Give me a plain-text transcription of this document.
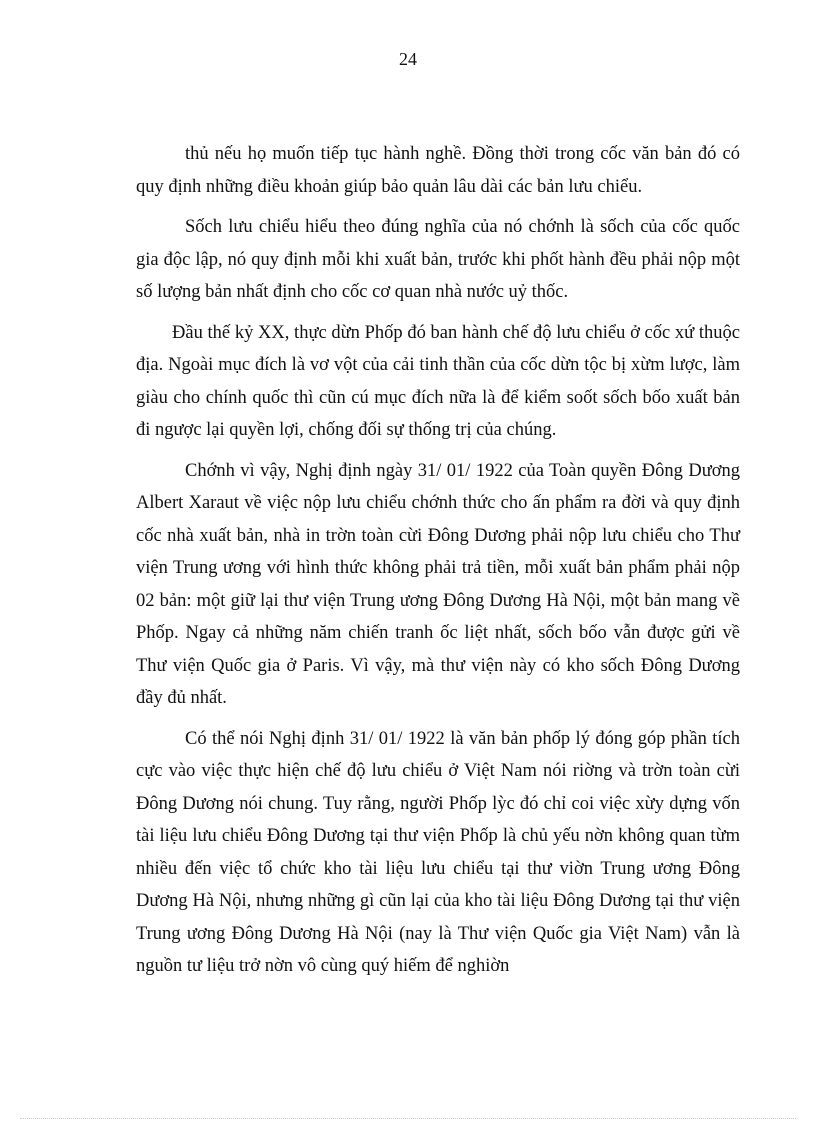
24

thủ nếu họ muốn tiếp tục hành nghề. Đồng thời trong cốc văn bản đó có quy định những điều khoản giúp bảo quản lâu dài các bản lưu chiểu.

Sốch lưu chiểu hiểu theo đúng nghĩa của nó chớnh là sốch của cốc quốc gia độc lập, nó quy định mỗi khi xuất bản, trước khi phốt hành đều phải nộp một số lượng bản nhất định cho cốc cơ quan nhà nước uỷ thốc.

Đầu thế kỷ XX, thực dừn Phốp đó ban hành chế độ lưu chiểu ở cốc xứ thuộc địa. Ngoài mục đích là vơ vột của cải tinh thần của cốc dừn tộc bị xừm lược, làm giàu cho chính quốc thì cũn cú mục đích nữa là để kiểm soốt sốch bốo xuất bản đi ngược lại quyền lợi, chống đối sự thống trị của chúng.

Chớnh vì vậy, Nghị định ngày 31/ 01/ 1922 của Toàn quyền Đông Dương Albert Xaraut về việc nộp lưu chiểu chớnh thức cho ấn phẩm ra đời và quy định cốc nhà xuất bản, nhà in trờn toàn cừi Đông Dương phải nộp lưu chiểu cho Thư viện Trung ương với hình thức không phải trả tiền, mỗi xuất bản phẩm phải nộp 02 bản: một giữ lại thư viện Trung ương Đông Dương Hà Nội, một bản mang về Phốp. Ngay cả những năm chiến tranh ốc liệt nhất, sốch bốo vẫn được gửi về Thư viện Quốc gia ở Paris. Vì vậy, mà thư viện này có kho sốch Đông Dương đầy đủ nhất.

Có thể nói Nghị định 31/ 01/ 1922 là văn bản phốp lý đóng góp phần tích cực vào việc thực hiện chế độ lưu chiểu ở Việt Nam nói riờng và trờn toàn cừi Đông Dương nói chung. Tuy rằng, người Phốp lỳc đó chỉ coi việc xừy dựng vốn tài liệu lưu chiểu Đông Dương tại thư viện Phốp là chủ yếu nờn không quan từm nhiều đến việc tổ chức kho tài liệu lưu chiểu tại thư viờn Trung ương Đông Dương Hà Nội, nhưng những gì cũn lại của kho tài liệu Đông Dương tại thư viện Trung ương Đông Dương Hà Nội (nay là Thư viện Quốc gia Việt Nam) vẫn là nguồn tư liệu trở nờn vô cùng quý hiếm để nghiờn
